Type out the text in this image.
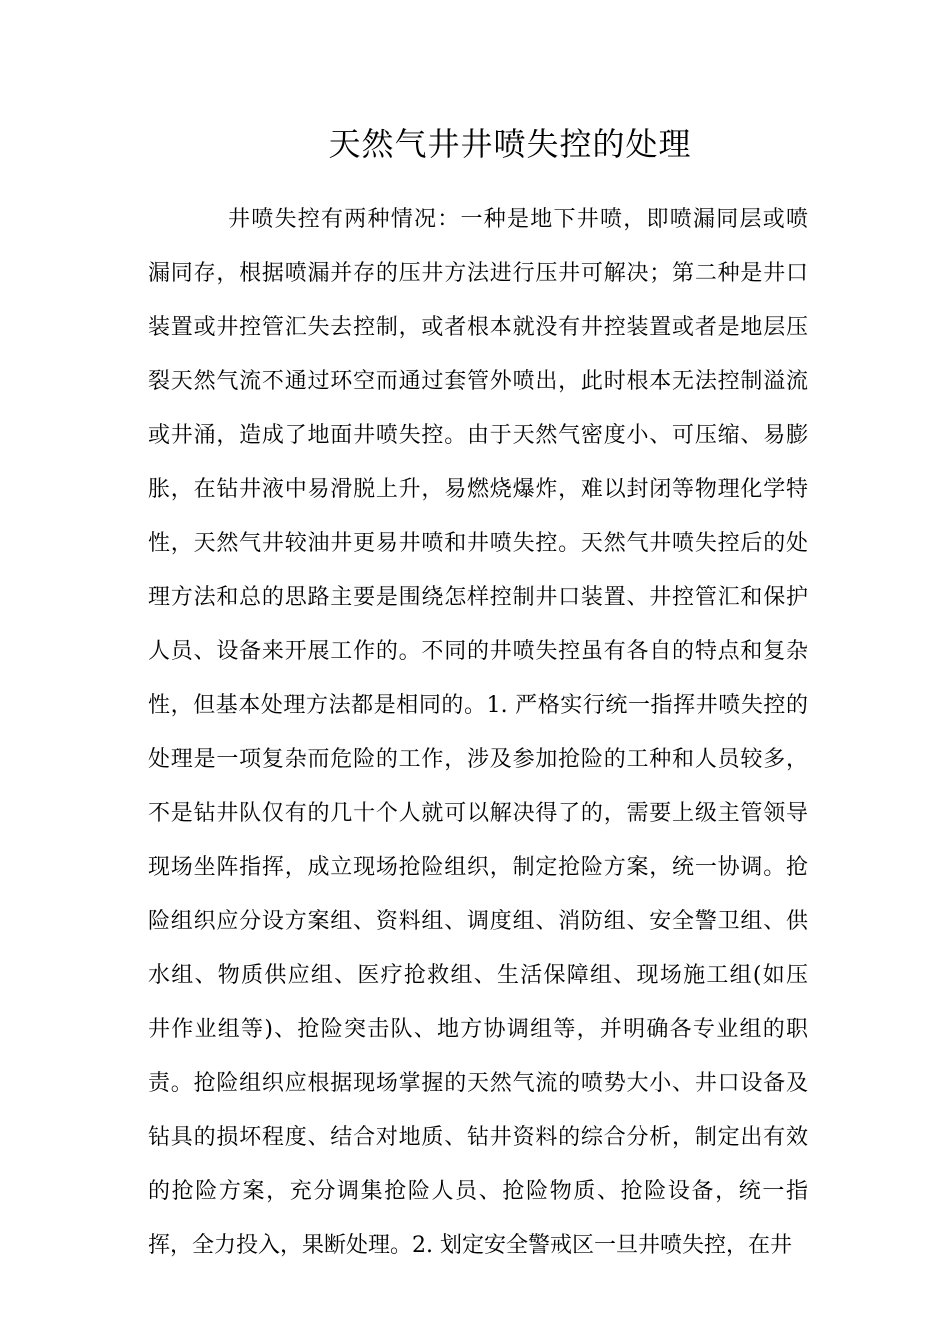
天然气井井喷失控的处理
井喷失控有两种情况：一种是地下井喷，即喷漏同层或喷
漏同存，根据喷漏并存的压井方法进行压井可解决；第二种是井口
装置或井控管汇失去控制，或者根本就没有井控装置或者是地层压
裂天然气流不通过环空而通过套管外喷出，此时根本无法控制溢流
或井涌，造成了地面井喷失控。由于天然气密度小、可压缩、易膨
胀，在钻井液中易滑脱上升，易燃烧爆炸，难以封闭等物理化学特
性，天然气井较油井更易井喷和井喷失控。天然气井喷失控后的处
理方法和总的思路主要是围绕怎样控制井口装置、井控管汇和保护
人员、设备来开展工作的。不同的井喷失控虽有各自的特点和复杂
性，但基本处理方法都是相同的。1. 严格实行统一指挥井喷失控的
处理是一项复杂而危险的工作，涉及参加抢险的工种和人员较多，
不是钻井队仅有的几十个人就可以解决得了的，需要上级主管领导
现场坐阵指挥，成立现场抢险组织，制定抢险方案，统一协调。抢
险组织应分设方案组、资料组、调度组、消防组、安全警卫组、供
水组、物质供应组、医疗抢救组、生活保障组、现场施工组(如压
井作业组等)、抢险突击队、地方协调组等，并明确各专业组的职
责。抢险组织应根据现场掌握的天然气流的喷势大小、井口设备及
钻具的损坏程度、结合对地质、钻井资料的综合分析，制定出有效
的抢险方案，充分调集抢险人员、抢险物质、抢险设备，统一指
挥，全力投入，果断处理。2. 划定安全警戒区一旦井喷失控，在井
